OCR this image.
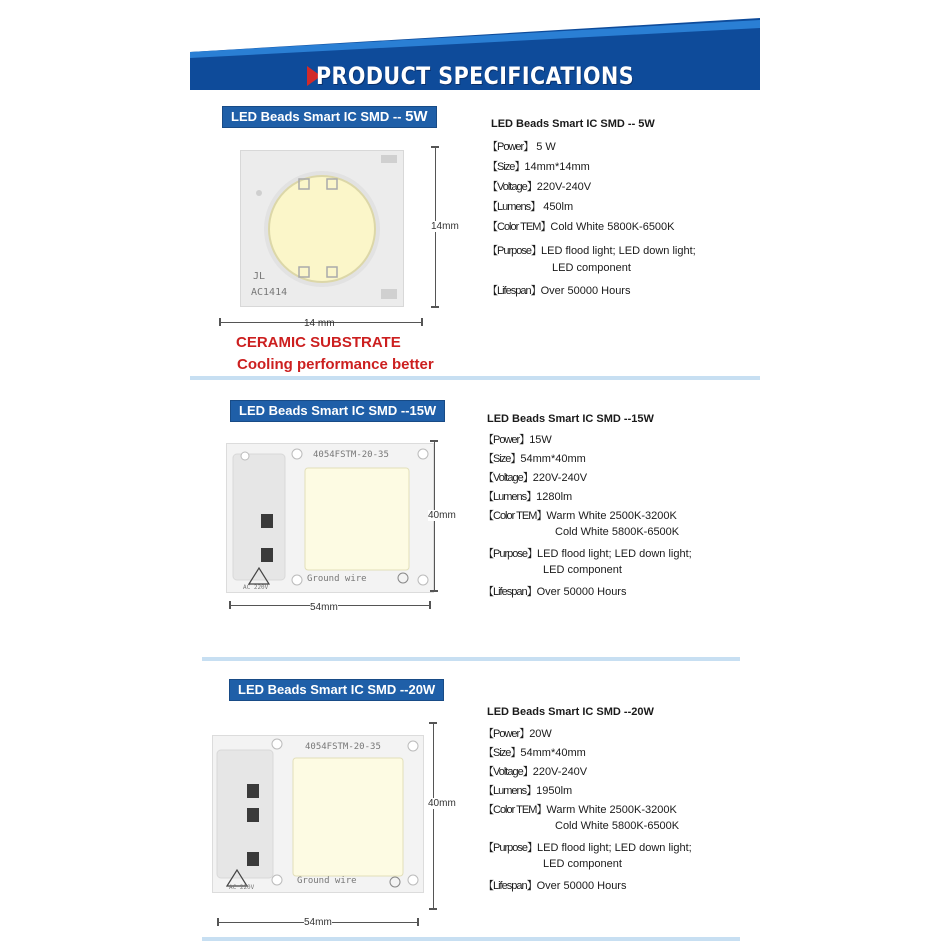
PRODUCT SPECIFICATIONS
LED Beads Smart IC SMD -- 5W
JL
AC1414
14mm
14 mm
CERAMIC SUBSTRATE
Cooling performance better
LED Beads Smart IC SMD -- 5W
【Power】 5 W
【Size】14mm*14mm
【Voltage】220V-240V
【Lumens】 450lm
【Color TEM】Cold White 5800K-6500K
【Purpose】LED flood light; LED down light;
LED component
【Lifespan】Over 50000 Hours
LED Beads Smart IC SMD --15W
4054FSTM-20-35
Ground wire
AC 220V
40mm
54mm
LED Beads Smart IC SMD --15W
【Power】15W
【Size】54mm*40mm
【Voltage】220V-240V
【Lumens】1280lm
【Color TEM】Warm White 2500K-3200K
Cold White 5800K-6500K
【Purpose】LED flood light; LED down light;
LED component
【Lifespan】Over 50000 Hours
LED Beads Smart IC SMD --20W
4054FSTM-20-35
Ground wire
AC 220V
40mm
54mm
LED Beads Smart IC SMD --20W
【Power】20W
【Size】54mm*40mm
【Voltage】220V-240V
【Lumens】1950lm
【Color TEM】Warm White 2500K-3200K
Cold White 5800K-6500K
【Purpose】LED flood light; LED down light;
LED component
【Lifespan】Over 50000 Hours
